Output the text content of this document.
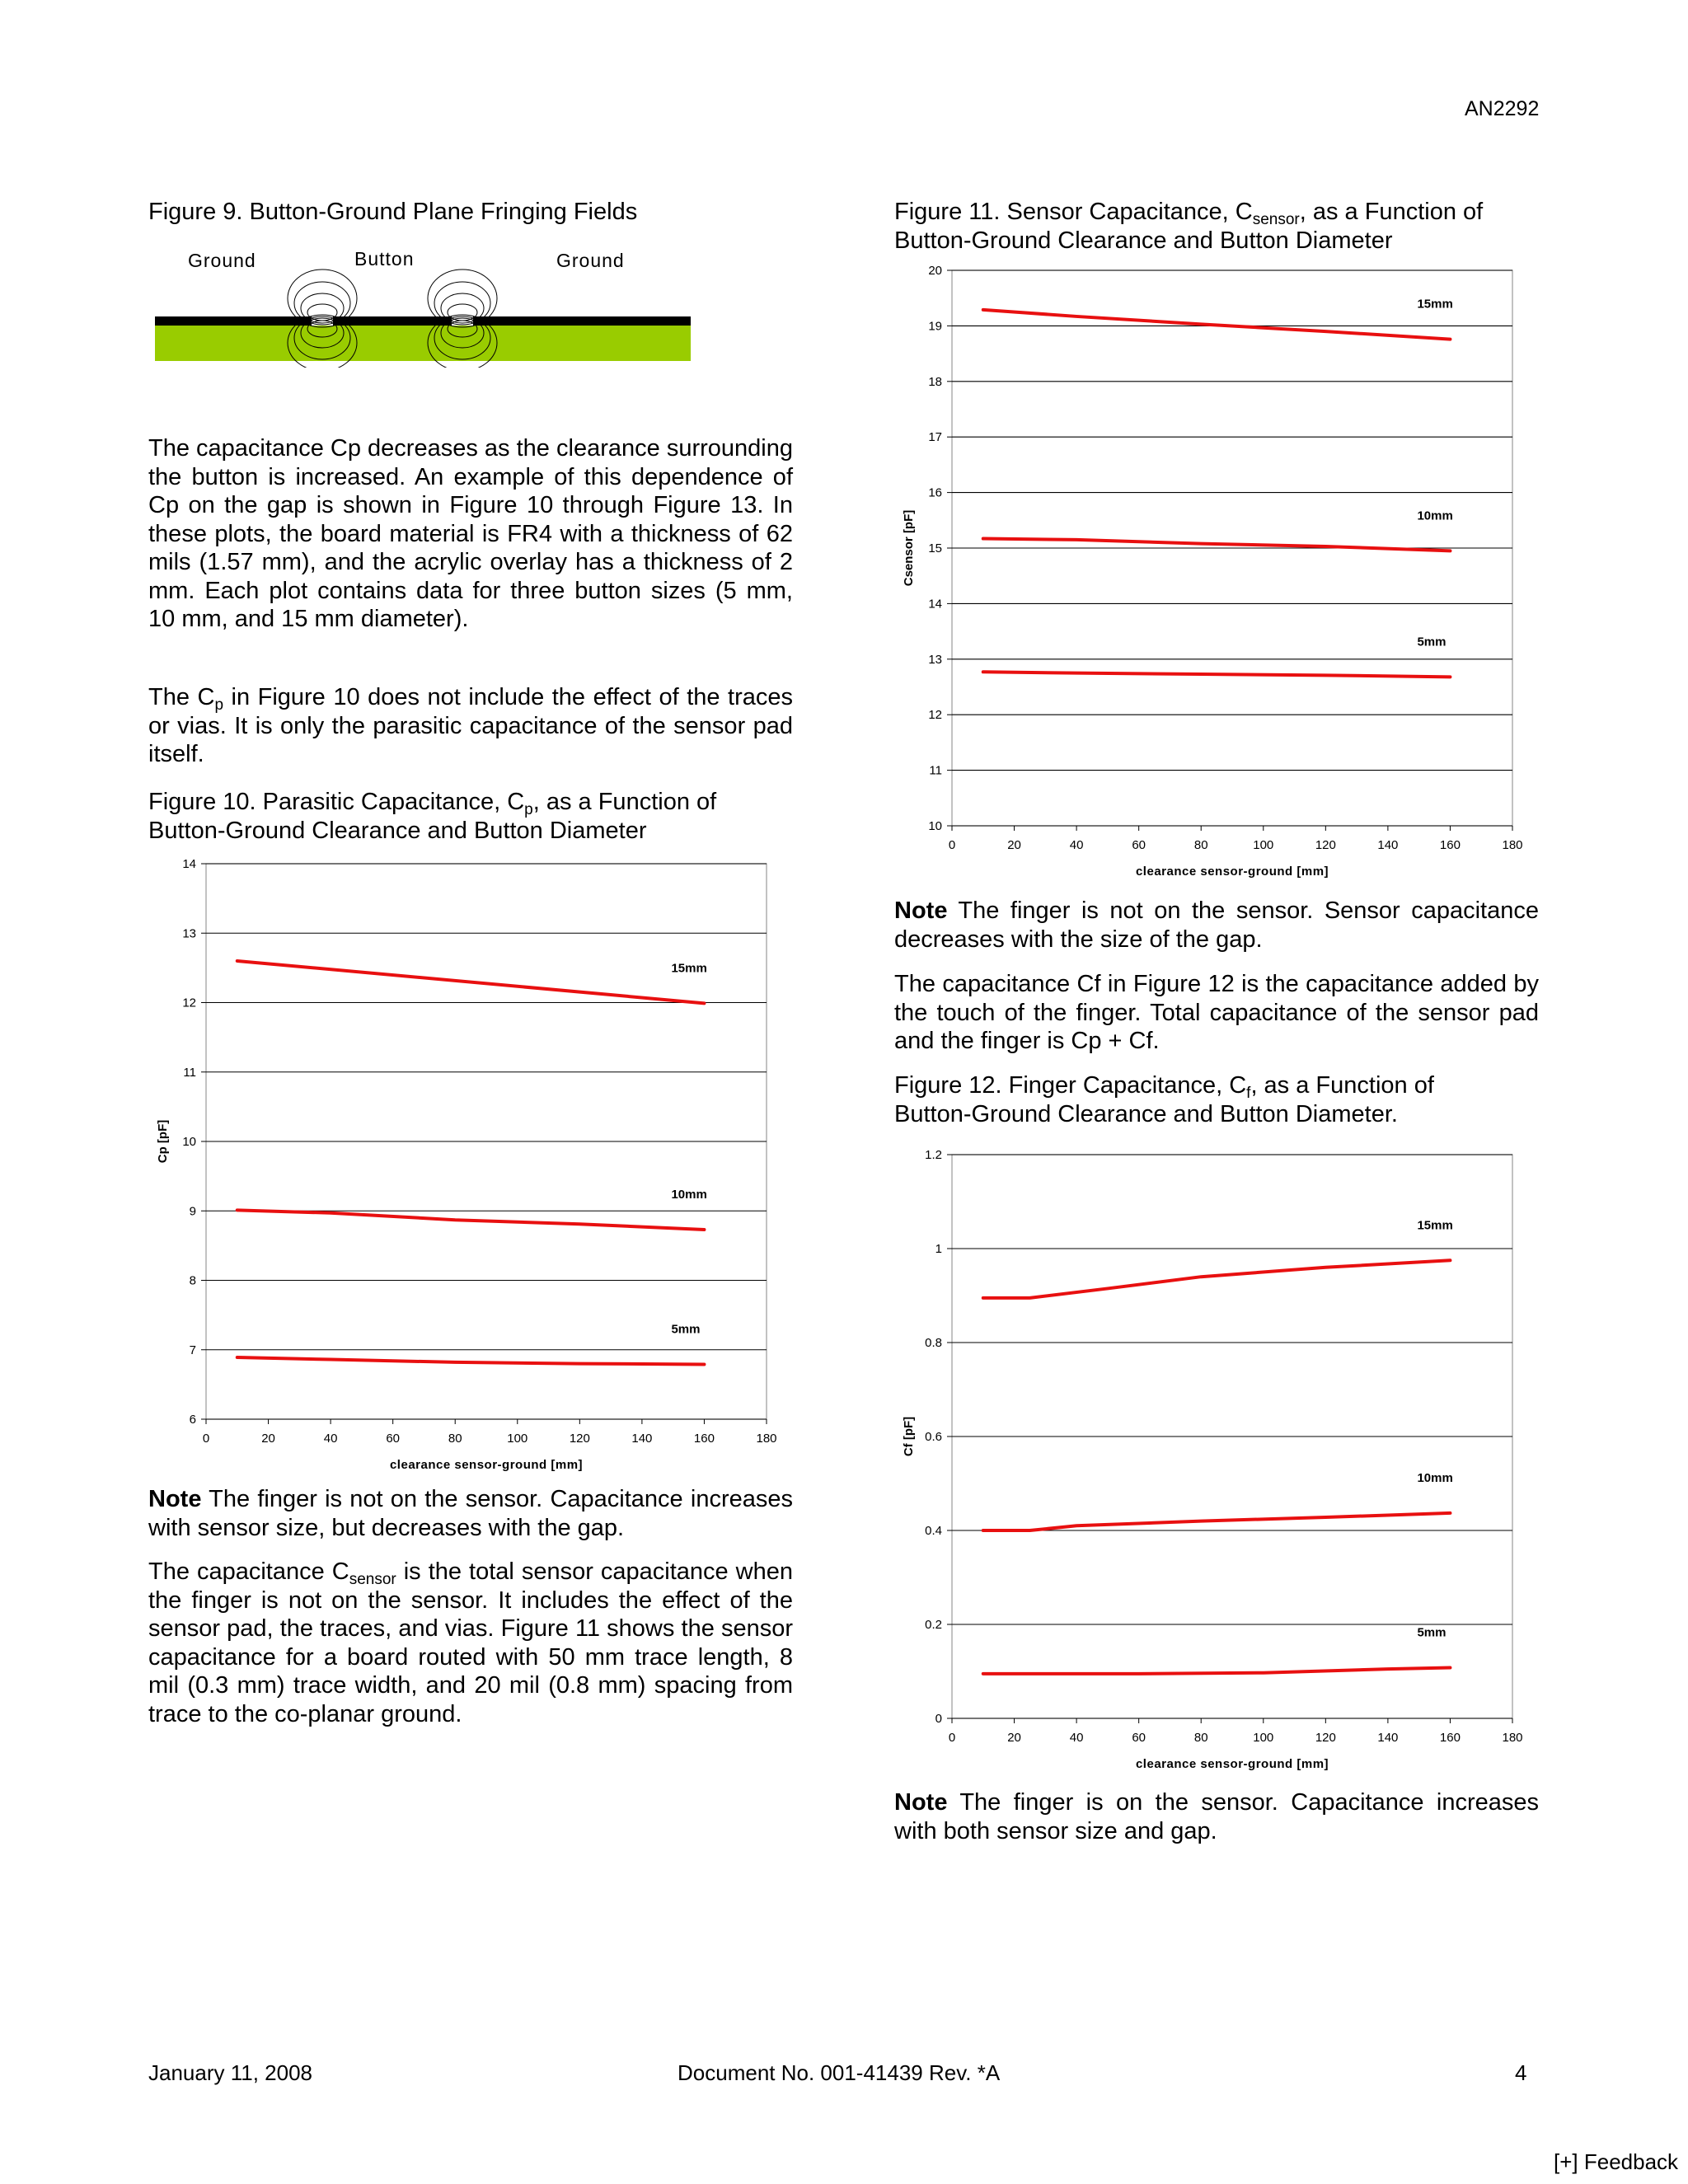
AN2292
Figure 9. Button-Ground Plane Fringing Fields
Ground	Button	Ground
The capacitance Cp decreases as the clearance surrounding the button is increased. An example of this dependence of Cp on the gap is shown in Figure 10 through Figure 13. In these plots, the board material is FR4 with a thickness of 62 mils (1.57 mm), and the acrylic overlay has a thickness of 2 mm. Each plot contains data for three button sizes (5 mm, 10 mm, and 15 mm diameter).
The $C_p$ in Figure 10 does not include the effect of the traces or vias. It is only the parasitic capacitance of the sensor pad itself.
Figure 10. Parasitic Capacitance, $C_p$, as a Function of
Button-Ground Clearance and Button Diameter
6
7
8
9
10
11
12
13
14
0	20	40	60	80	100	120	140	160	180
clearance sensor-ground [mm]
Cp [pF]
15mm
10mm
5mm
Note The finger is not on the sensor. Capacitance increases with sensor size, but decreases with the gap.
The capacitance $C_{sensor}$ is the total sensor capacitance when the finger is not on the sensor. It includes the effect of the sensor pad, the traces, and vias. Figure 11 shows the sensor capacitance for a board routed with 50 mm trace length, 8 mil (0.3 mm) trace width, and 20 mil (0.8 mm) spacing from trace to the co-planar ground.
Figure 11. Sensor Capacitance, $C_{sensor}$, as a Function of
Button-Ground Clearance and Button Diameter
10
11
12
13
14
15
16
17
18
19
20
0	20	40	60	80	100	120	140	160	180
clearance sensor-ground [mm]
Csensor [pF]
15mm
10mm
5mm
Note The finger is not on the sensor. Sensor capacitance decreases with the size of the gap.
The capacitance Cf in Figure 12 is the capacitance added by the touch of the finger. Total capacitance of the sensor pad and the finger is Cp + Cf.
Figure 12. Finger Capacitance, $C_f$, as a Function of
Button-Ground Clearance and Button Diameter.
0
0.2
0.4
0.6
0.8
1
1.2
0	20	40	60	80	100	120	140	160	180
clearance sensor-ground [mm]
Cf [pF]
15mm
10mm
5mm
Note The finger is on the sensor. Capacitance increases with both sensor size and gap.
January 11, 2008	Document No. 001-41439 Rev. *A	4
[+] Feedback
